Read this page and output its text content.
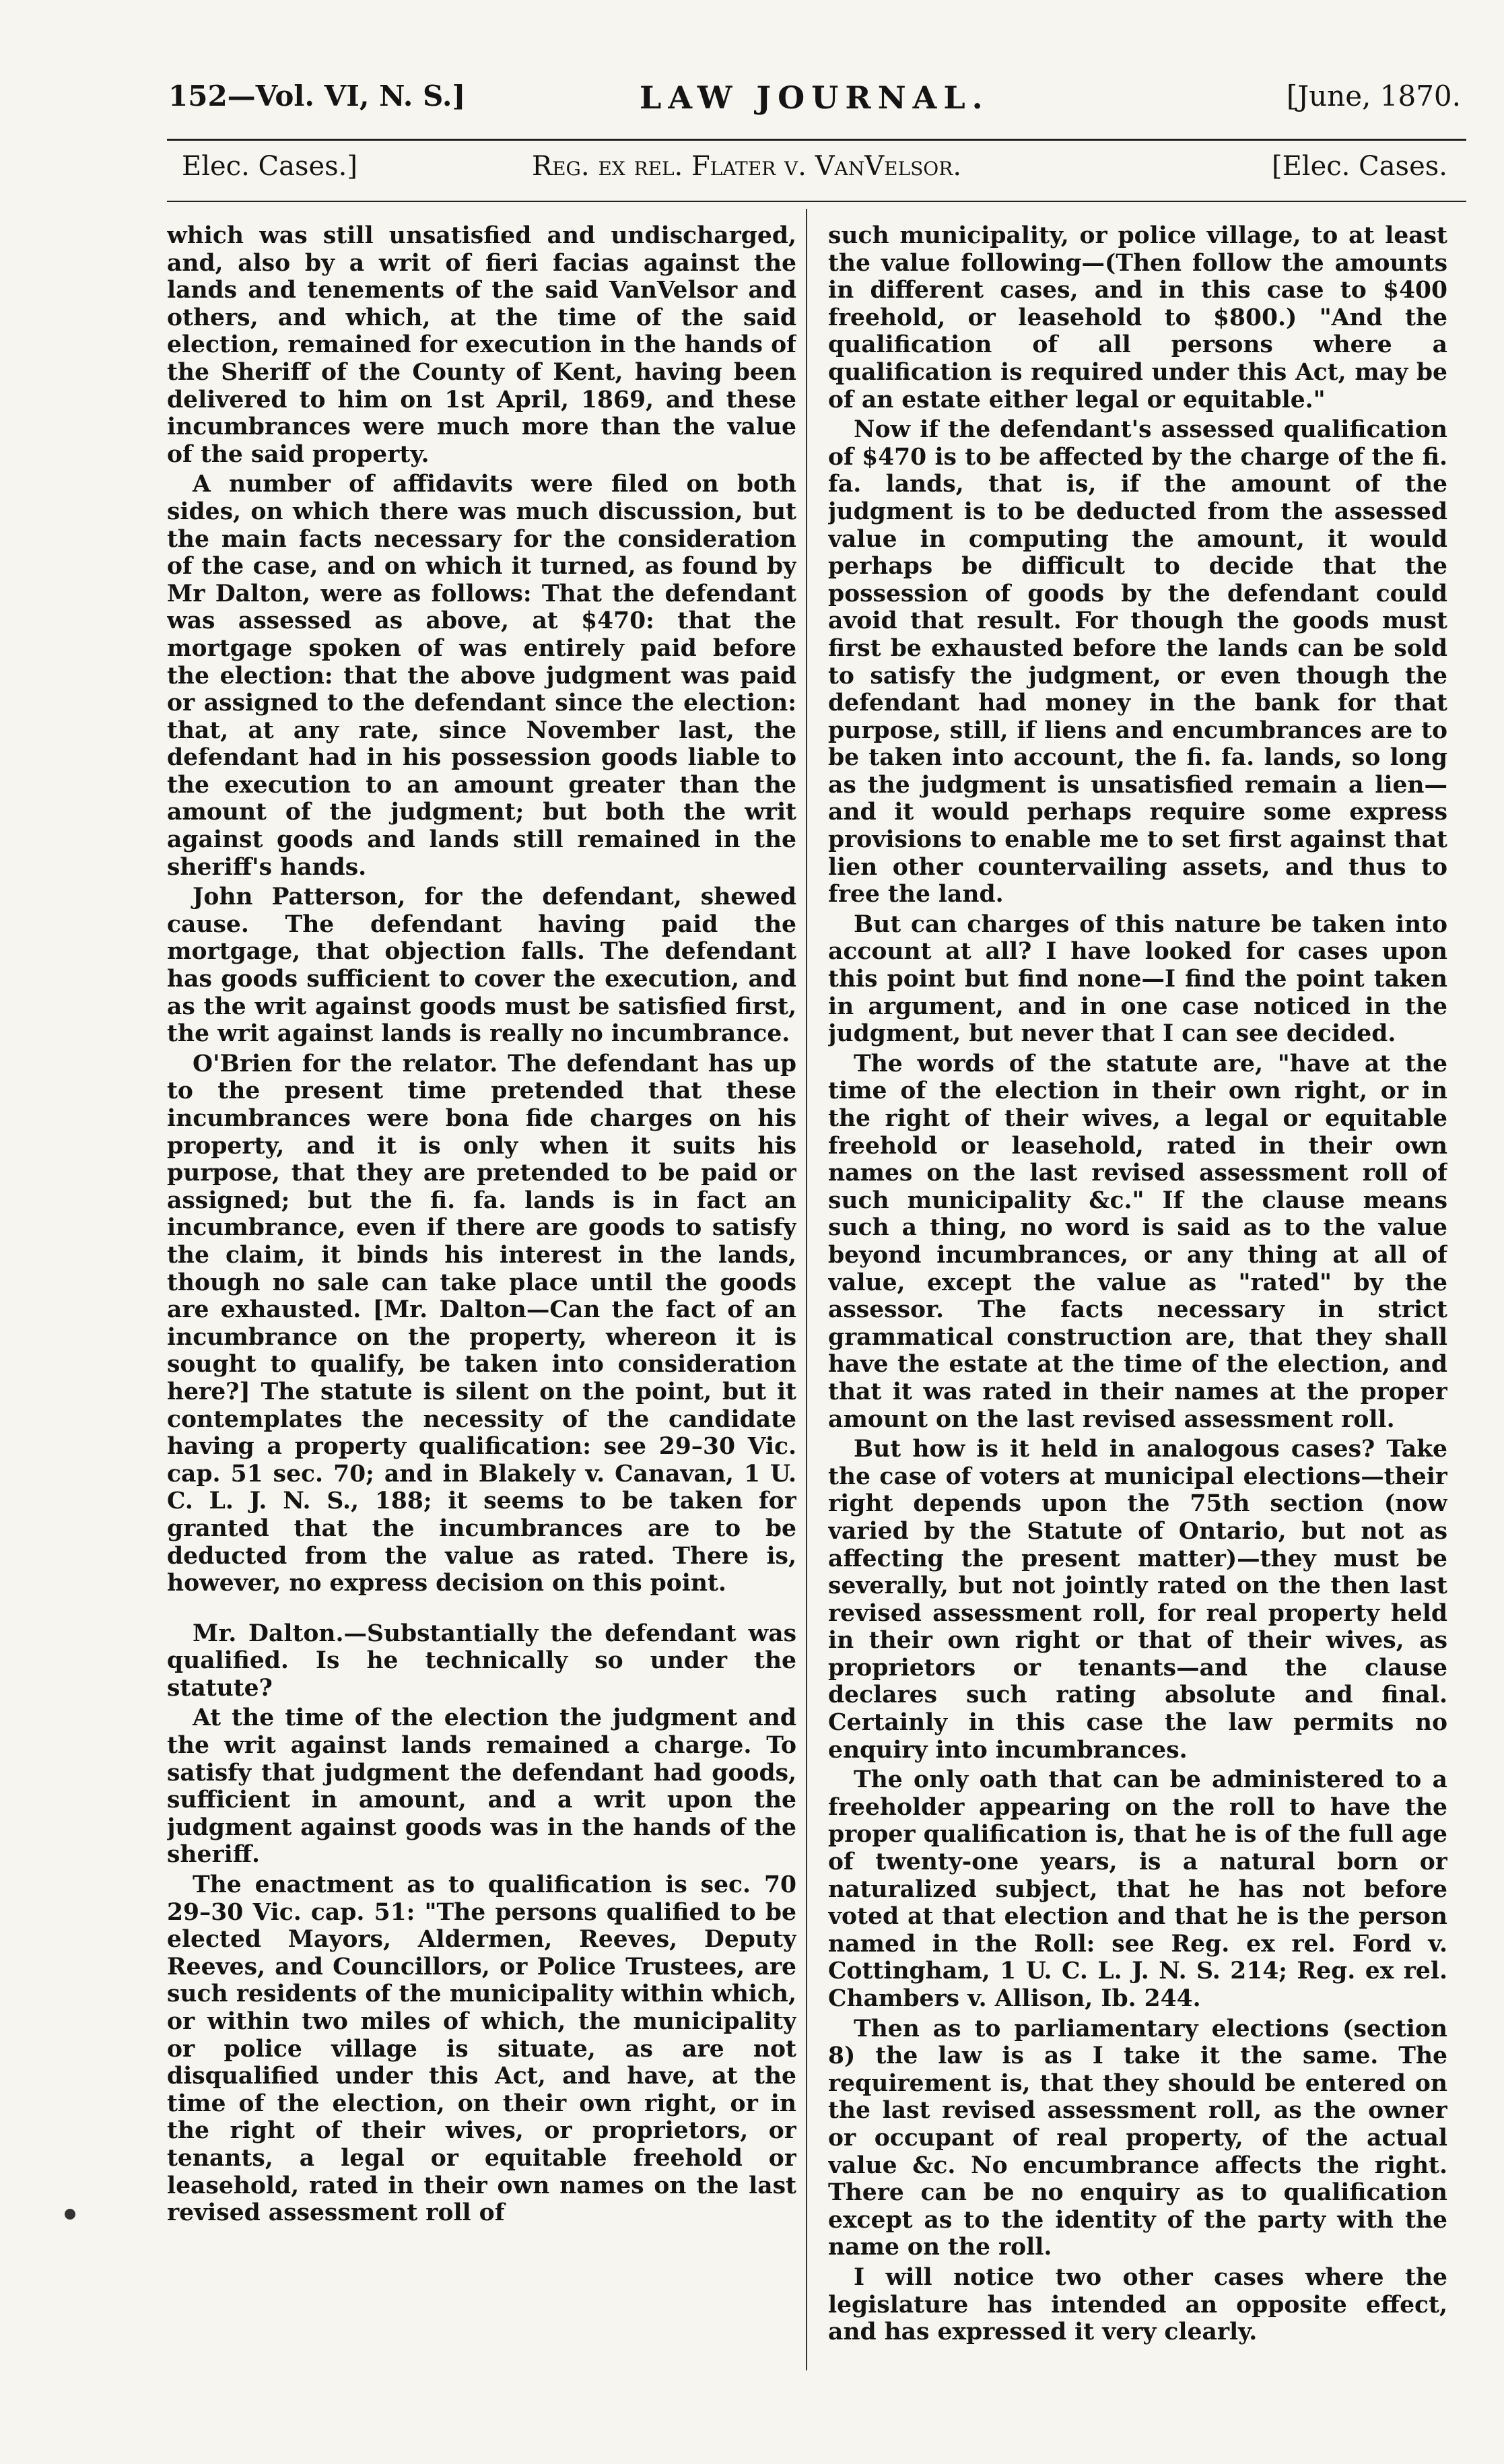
152—Vol. VI, N. S.]	LAW JOURNAL.	[June, 1870.
Elec. Cases.]	Reg. ex rel. Flater v. VanVelsor.	[Elec. Cases.

which was still unsatisfied and undischarged, and, also by a writ of fieri facias against the lands and tenements of the said VanVelsor and others, and which, at the time of the said election, remained for execution in the hands of the Sheriff of the County of Kent, having been delivered to him on 1st April, 1869, and these incumbrances were much more than the value of the said property.

A number of affidavits were filed on both sides, on which there was much discussion, but the main facts necessary for the consideration of the case, and on which it turned, as found by Mr Dalton, were as follows: That the defendant was assessed as above, at $470: that the mortgage spoken of was entirely paid before the election: that the above judgment was paid or assigned to the defendant since the election: that, at any rate, since November last, the defendant had in his possession goods liable to the execution to an amount greater than the amount of the judgment; but both the writ against goods and lands still remained in the sheriff's hands.

John Patterson, for the defendant, shewed cause. The defendant having paid the mortgage, that objection falls. The defendant has goods sufficient to cover the execution, and as the writ against goods must be satisfied first, the writ against lands is really no incumbrance.

O'Brien for the relator. The defendant has up to the present time pretended that these incumbrances were bona fide charges on his property, and it is only when it suits his purpose, that they are pretended to be paid or assigned; but the fi. fa. lands is in fact an incumbrance, even if there are goods to satisfy the claim, it binds his interest in the lands, though no sale can take place until the goods are exhausted. [Mr. Dalton—Can the fact of an incumbrance on the property, whereon it is sought to qualify, be taken into consideration here?] The statute is silent on the point, but it contemplates the necessity of the candidate having a property qualification: see 29–30 Vic. cap. 51 sec. 70; and in Blakely v. Canavan, 1 U. C. L. J. N. S., 188; it seems to be taken for granted that the incumbrances are to be deducted from the value as rated. There is, however, no express decision on this point.

Mr. Dalton.—Substantially the defendant was qualified. Is he technically so under the statute?

At the time of the election the judgment and the writ against lands remained a charge. To satisfy that judgment the defendant had goods, sufficient in amount, and a writ upon the judgment against goods was in the hands of the sheriff.

The enactment as to qualification is sec. 70 29–30 Vic. cap. 51: "The persons qualified to be elected Mayors, Aldermen, Reeves, Deputy Reeves, and Councillors, or Police Trustees, are such residents of the municipality within which, or within two miles of which, the municipality or police village is situate, as are not disqualified under this Act, and have, at the time of the election, on their own right, or in the right of their wives, or proprietors, or tenants, a legal or equitable freehold or leasehold, rated in their own names on the last revised assessment roll of

such municipality, or police village, to at least the value following—(Then follow the amounts in different cases, and in this case to $400 freehold, or leasehold to $800.) "And the qualification of all persons where a qualification is required under this Act, may be of an estate either legal or equitable."

Now if the defendant's assessed qualification of $470 is to be affected by the charge of the fi. fa. lands, that is, if the amount of the judgment is to be deducted from the assessed value in computing the amount, it would perhaps be difficult to decide that the possession of goods by the defendant could avoid that result. For though the goods must first be exhausted before the lands can be sold to satisfy the judgment, or even though the defendant had money in the bank for that purpose, still, if liens and encumbrances are to be taken into account, the fi. fa. lands, so long as the judgment is unsatisfied remain a lien—and it would perhaps require some express provisions to enable me to set first against that lien other countervailing assets, and thus to free the land.

But can charges of this nature be taken into account at all? I have looked for cases upon this point but find none—I find the point taken in argument, and in one case noticed in the judgment, but never that I can see decided.

The words of the statute are, "have at the time of the election in their own right, or in the right of their wives, a legal or equitable freehold or leasehold, rated in their own names on the last revised assessment roll of such municipality &c." If the clause means such a thing, no word is said as to the value beyond incumbrances, or any thing at all of value, except the value as "rated" by the assessor. The facts necessary in strict grammatical construction are, that they shall have the estate at the time of the election, and that it was rated in their names at the proper amount on the last revised assessment roll.

But how is it held in analogous cases? Take the case of voters at municipal elections—their right depends upon the 75th section (now varied by the Statute of Ontario, but not as affecting the present matter)—they must be severally, but not jointly rated on the then last revised assessment roll, for real property held in their own right or that of their wives, as proprietors or tenants—and the clause declares such rating absolute and final. Certainly in this case the law permits no enquiry into incumbrances.

The only oath that can be administered to a freeholder appearing on the roll to have the proper qualification is, that he is of the full age of twenty-one years, is a natural born or naturalized subject, that he has not before voted at that election and that he is the person named in the Roll: see Reg. ex rel. Ford v. Cottingham, 1 U. C. L. J. N. S. 214; Reg. ex rel. Chambers v. Allison, Ib. 244.

Then as to parliamentary elections (section 8) the law is as I take it the same. The requirement is, that they should be entered on the last revised assessment roll, as the owner or occupant of real property, of the actual value &c. No encumbrance affects the right. There can be no enquiry as to qualification except as to the identity of the party with the name on the roll.

I will notice two other cases where the legislature has intended an opposite effect, and has expressed it very clearly.
